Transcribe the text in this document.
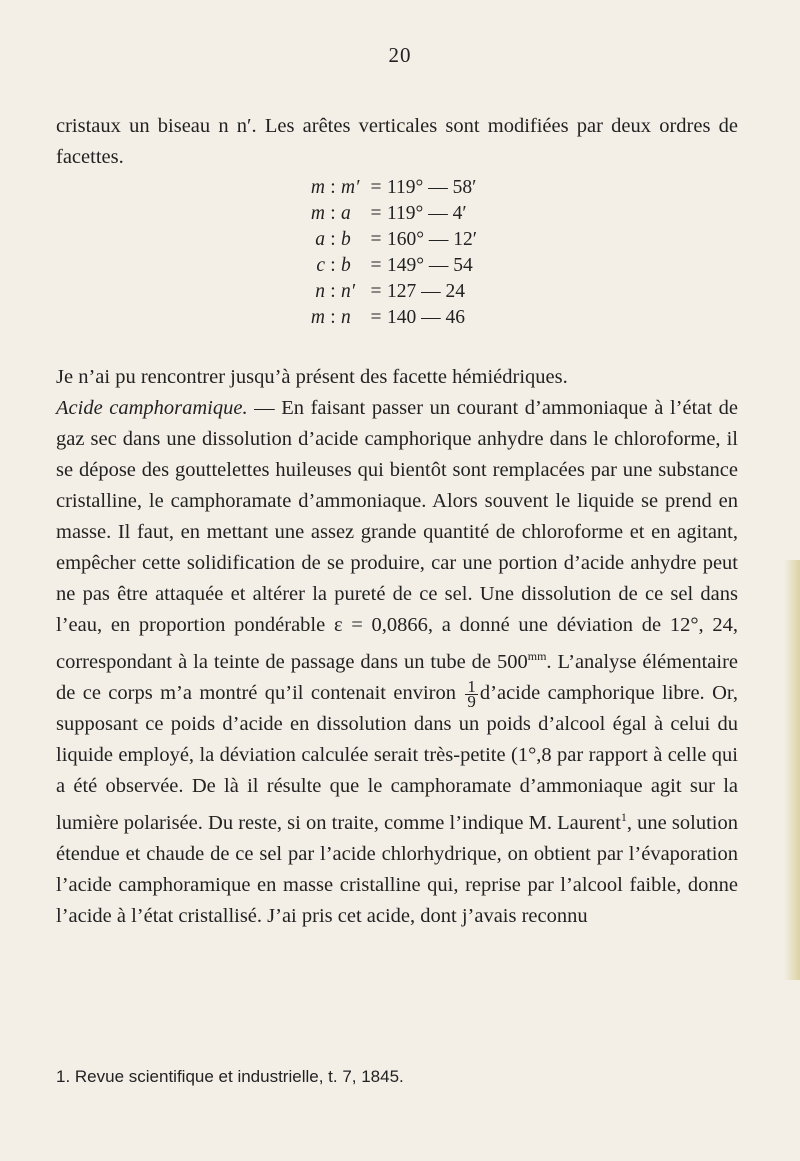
20

cristaux un biseau n n′. Les arêtes verticales sont modifiées par deux ordres de facettes.

m : m′ = 119° — 58′
m : a	= 119° — 4′
a : b	= 160° — 12′
c : b	= 149° — 54
n : n′ = 127 — 24
m : n	= 140 — 46
Je n’ai pu rencontrer jusqu’à présent des facette hémiédriques.
Acide camphoramique. — En faisant passer un courant d’ammoniaque à l’état de gaz sec dans une dissolution d’acide camphorique anhydre dans le chloroforme, il se dépose des gouttelettes huileuses qui bientôt sont remplacées par une substance cristalline, le camphoramate d’ammoniaque. Alors souvent le liquide se prend en masse. Il faut, en mettant une assez grande quantité de chloroforme et en agitant, empêcher cette solidification de se produire, car une portion d’acide anhydre peut ne pas être attaquée et altérer la pureté de ce sel. Une dissolution de ce sel dans l’eau, en proportion pondérable ε = 0,0866, a donné une déviation de 12°, 24, correspondant à la teinte de passage dans un tube de $500^{mm}$. L’analyse élémentaire de ce corps m’a montré qu’il contenait environ $\frac{1}{9}$ d’acide camphorique libre. Or, supposant ce poids d’acide en dissolution dans un poids d’alcool égal à celui du liquide employé, la déviation calculée serait très-petite (1°,8 par rapport à celle qui a été observée. De là il résulte que le camphoramate d’ammoniaque agit sur la lumière polarisée. Du reste, si on traite, comme l’indique M. Laurent$^1$, une solution étendue et chaude de ce sel par l’acide chlorhydrique, on obtient par l’évaporation l’acide camphoramique en masse cristalline qui, reprise par l’alcool faible, donne l’acide à l’état cristallisé. J’ai pris cet acide, dont j’avais reconnu
1. Revue scientifique et industrielle, t. 7, 1845.
